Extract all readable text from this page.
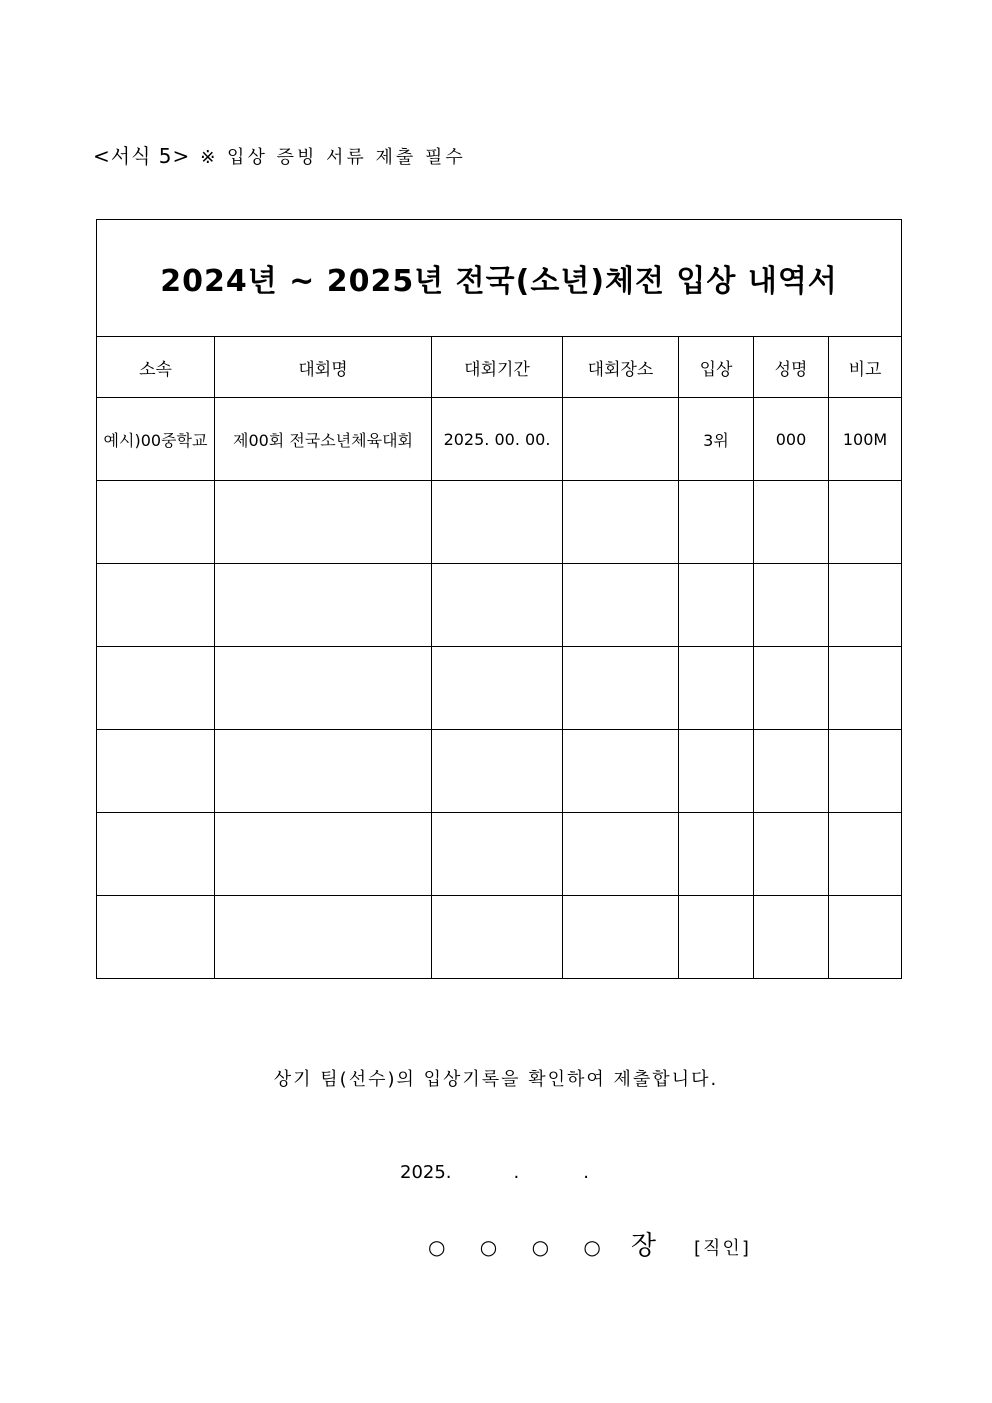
<서식 5> ※ 입상 증빙 서류 제출 필수
2024년 ~ 2025년 전국(소년)체전 입상 내역서						
소속	대회명	대회기간	대회장소	입상	성명	비고
예시)00중학교	제00회 전국소년체육대회	2025. 00. 00.		3위	000	100M

상기 팀(선수)의 입상기록을 확인하여 제출합니다.
2025.	.	.
○ ○ ○ ○ 장 [직인]
